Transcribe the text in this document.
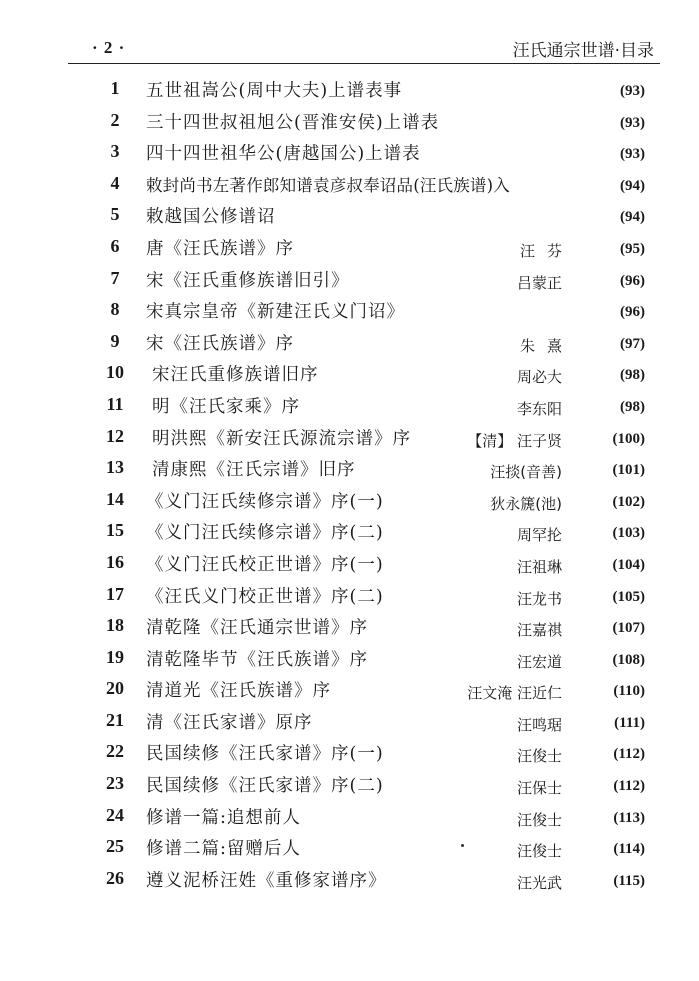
· 2 ·	汪氏通宗世谱·目录
1	五世祖嵩公(周中大夫)上谱表事	(93)
2	三十四世叔祖旭公(晋淮安侯)上谱表	(93)
3	四十四世祖华公(唐越国公)上谱表	(93)
4	敕封尚书左著作郎知谱袁彦叔奉诏品(汪氏族谱)入	(94)
5	敕越国公修谱诏	(94)
6	唐《汪氏族谱》序	汪芬	(95)
7	宋《汪氏重修族谱旧引》	吕蒙正	(96)
8	宋真宗皇帝《新建汪氏义门诏》	(96)
9	宋《汪氏族谱》序	朱熹	(97)
10	宋汪氏重修族谱旧序	周必大	(98)
11	明《汪氏家乘》序	李东阳	(98)
12	明洪熙《新安汪氏源流宗谱》序	【清】 汪子贤	(100)
13	清康熙《汪氏宗谱》旧序	汪掞(音善)	(101)
14	《义门汪氏续修宗谱》序(一)	狄永篪(池)	(102)
15	《义门汪氏续修宗谱》序(二)	周罕抡	(103)
16	《义门汪氏校正世谱》序(一)	汪祖琳	(104)
17	《汪氏义门校正世谱》序(二)	汪龙书	(105)
18	清乾隆《汪氏通宗世谱》序	汪嘉祺	(107)
19	清乾隆毕节《汪氏族谱》序	汪宏道	(108)
20	清道光《汪氏族谱》序	汪文淹 汪近仁	(110)
21	清《汪氏家谱》原序	汪鸣琚	(111)
22	民国续修《汪氏家谱》序(一)	汪俊士	(112)
23	民国续修《汪氏家谱》序(二)	汪保士	(112)
24	修谱一篇:追想前人	汪俊士	(113)
25	修谱二篇:留赠后人	汪俊士	(114)
26	遵义泥桥汪姓《重修家谱序》	汪光武	(115)
